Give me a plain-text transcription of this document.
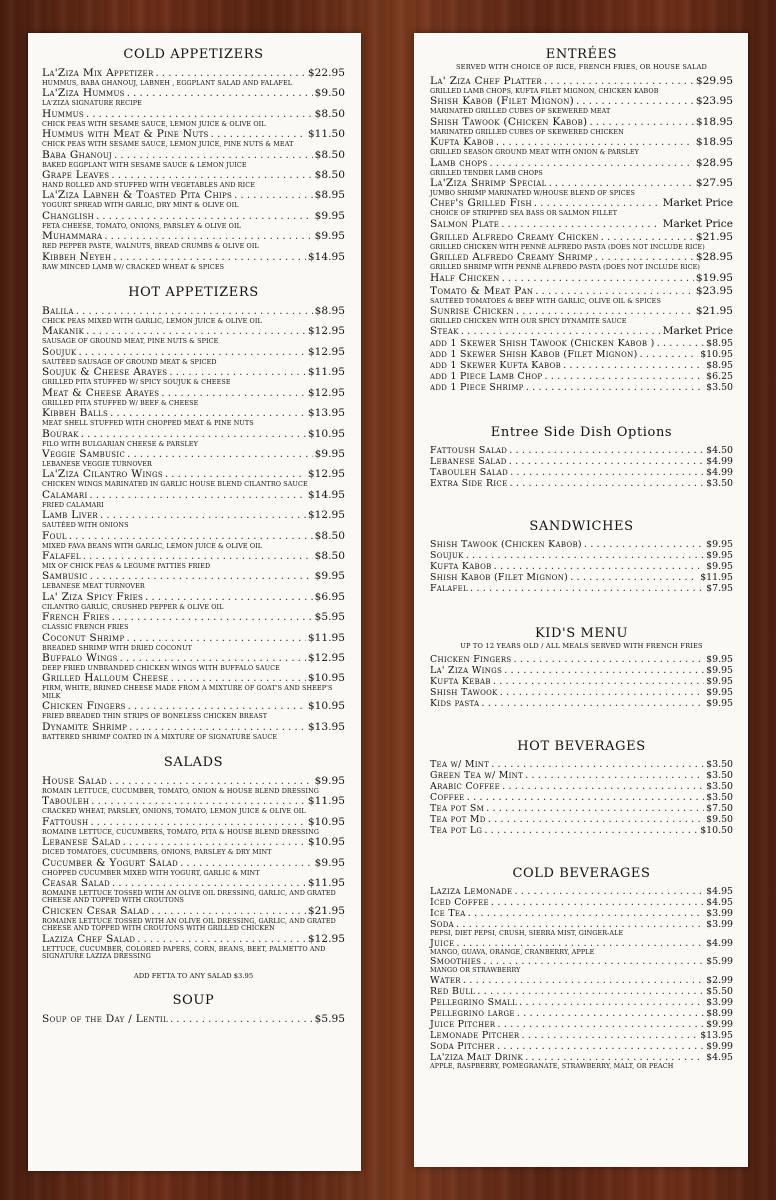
COLD APPETIZERS
La'Ziza Mix Appetizer . . .	$22.95
HUMMUS, BABA GHANOUJ, LABNEH , EGGPLANT SALAD AND FALAFEL
La'Ziza Hummus . . .	$9.50
LA'ZIZA SIGNATURE RECIPE
Hummus . . .	$8.50
CHICK PEAS WITH SESAME SAUCE, LEMON JUICE & OLIVE OIL
Hummus with Meat & Pine Nuts . . .	$11.50
CHICK PEAS WITH SESAME SAUCE, LEMON JUICE, PINE NUTS & MEAT
Baba Ghanouj . . .	$8.50
BAKED EGGPLANT WITH SESAME SAUCE & LEMON JUICE
Grape Leaves . . .	$8.50
HAND ROLLED AND STUFFED WITH VEGETABLES AND RICE
La'Ziza Labneh & Toasted Pita Chips . . .	$8.95
YOGURT SPREAD WITH GARLIC, DRY MINT & OLIVE OIL
Changlish . . .	$9.95
FETA CHEESE, TOMATO, ONIONS, PARSLEY & OLIVE OIL
Muhammara . . .	$9.95
RED PEPPER PASTE, WALNUTS, BREAD CRUMBS & OLIVE OIL
Kibbeh Neyeh . . .	$14.95
RAW MINCED LAMB W/ CRACKED WHEAT & SPICES
HOT APPETIZERS
Balila . . .	$8.95
CHICK PEAS MIXED WITH GARLIC, LEMON JUICE & OLIVE OIL
Makanik . . .	$12.95
SAUSAGE OF GROUND MEAT, PINE NUTS & SPICE
Soujuk . . .	$12.95
SAUTÉED SAUSAGE OF GROUND MEAT & SPICED
Soujuk & Cheese Arayes . . .	$11.95
GRILLED PITA STUFFED W/ SPICY SOUJUK & CHEESE
Meat & Cheese Arayes . . .	$12.95
GRILLED PITA STUFFED W/ BEEF & CHEESE
Kibbeh Balls . . .	$13.95
MEAT SHELL STUFFED WITH CHOPPED MEAT & PINE NUTS
Bourak . . .	$10.95
FILO WITH BULGARIAN CHEESE & PARSLEY
Veggie Sambusic . . .	$9.95
LEBANESE VEGGIE TURNOVER
La'Ziza Cilantro Wings . . .	$12.95
CHICKEN WINGS MARINATED IN GARLIC HOUSE BLEND CILANTRO SAUCE
Calamari . . .	$14.95
FRIED CALAMARI
Lamb Liver . . .	$12.95
SAUTÉED WITH ONIONS
Foul . . .	$8.50
MIXED FAVA BEANS WITH GARLIC, LEMON JUICE & OLIVE OIL
Falafel . . .	$8.50
MIX OF CHICK PEAS & LEGUME PATTIES FRIED
Sambusic . . .	$9.95
LEBANESE MEAT TURNOVER
La' Ziza Spicy Fries . . .	$6.95
CILANTRO GARLIC, CRUSHED PEPPER & OLIVE OIL
French Fries . . .	$5.95
CLASSIC FRENCH FRIES
Coconut Shrimp . . .	$11.95
BREADED SHRIMP WITH DRIED COCONUT
Buffalo Wings . . .	$12.95
DEEP FRIED UNBRANDED CHICKEN WINGS WITH BUFFALO SAUCE
Grilled Halloum Cheese . . .	$10.95
FIRM, WHITE, BRINED CHEESE MADE FROM A MIXTURE OF GOAT'S AND SHEEP'S MILK
Chicken Fingers . . .	$10.95
FRIED BREADED THIN STRIPS OF BONELESS CHICKEN BREAST
Dynamite Shrimp . . .	$13.95
BATTERED SHRIMP COATED IN A MIXTURE OF SIGNATURE SAUCE
SALADS
House Salad . . .	$9.95
ROMAIN LETTUCE, CUCUMBER, TOMATO, ONION & HOUSE BLEND DRESSING
Tabouleh . . .	$11.95
CRACKED WHEAT, PARSLEY, ONIONS, TOMATO, LEMON JUICE & OLIVE OIL
Fattoush . . .	$10.95
ROMAINE LETTUCE, CUCUMBERS, TOMATO, PITA & HOUSE BLEND DRESSING
Lebanese Salad . . .	$10.95
DICED TOMATOES, CUCUMBERS, ONIONS, PARSLEY & DRY MINT
Cucumber & Yogurt Salad . . .	$9.95
CHOPPED CUCUMBER MIXED WITH YOGURT, GARLIC & MINT
Ceasar Salad . . .	$11.95
ROMAINE LETTUCE TOSSED WITH AN OLIVE OIL DRESSING, GARLIC, AND GRATED CHEESE AND TOPPED WITH CROUTONS
Chicken Cesar Salad . . .	$21.95
ROMAINE LETTUCE TOSSED WITH AN OLIVE OIL DRESSING, GARLIC, AND GRATED CHEESE AND TOPPED WITH CROUTONS WITH GRILLED CHICKEN
Laziza Chef Salad . . .	$12.95
LETTUCE, CUCUMBER, COLORED PAPERS, CORN, BEANS, BEET, PALMETTO AND SIGNATURE LAZIZA DRESSING
ADD FETTA TO ANY SALAD $3.95
SOUP
Soup of the Day / Lentil . . .	$5.95
ENTRÉES
SERVED WITH CHOICE OF RICE, FRENCH FRIES, OR HOUSE SALAD
La' Ziza Chef Platter . . .	$29.95
GRILLED LAMB CHOPS, KUFTA FILET MIGNON, CHICKEN KABOB
Shish Kabob (Filet Mignon) . . .	$23.95
MARINATED GRILLED CUBES OF SKEWERED MEAT
Shish Tawook (Chicken Kabob) . . .	$18.95
MARINATED GRILLED CUBES OF SKEWERED CHICKEN
Kufta Kabob . . .	$18.95
GRILLED SEASON GROUND MEAT WITH ONION & PARSLEY
Lamb chops . . .	$28.95
GRILLED TENDER LAMB CHOPS
La'Ziza Shrimp Special . . .	$27.95
JUMBO SHRIMP MARINATED W/HOUSE BLEND OF SPICES
Chef's Grilled Fish . . .	Market Price
CHOICE OF STRIPPED SEA BASS OR SALMON FILLET
Salmon Plate . . .	Market Price
Grilled Alfredo Creamy Chicken . . .	$21.95
GRILLED CHICKEN WITH PENNÉ ALFREDO PASTA (DOES NOT INCLUDE RICE)
Grilled Alfredo Creamy Shrimp . . .	$28.95
GRILLED SHRIMP WITH PENNÉ ALFREDO PASTA (DOES NOT INCLUDE RICE)
Half Chicken . . .	$19.95
Tomato & Meat Pan . . .	$23.95
SAUTÉED TOMATOES & BEEF WITH GARLIC, OLIVE OIL & SPICES
Sunrise Chicken . . .	$21.95
GRILLED CHICKEN WITH OUR SPICY DYNAMITE SAUCE
Steak . . .	Market Price
add 1 Skewer Shish Tawook (Chicken Kabob ) . . .	$8.95
add 1 Skewer Shish Kabob (Filet Mignon) . . .	$10.95
add 1 Skewer Kufta Kabob . . .	$8.95
add 1 Piece Lamb Chop . . .	$6.25
add 1 Piece Shrimp . . .	$3.50
Entree Side Dish Options
Fattoush Salad . . .	$4.50
Lebanese Salad . . .	$4.99
Tabouleh Salad . . .	$4.99
Extra Side Rice . . .	$3.50
SANDWICHES
Shish Tawook (Chicken Kabob) . . .	$9.95
Soujuk . . .	$9.95
Kufta Kabob . . .	$9.95
Shish Kabob (Filet Mignon) . . .	$11.95
Falafel . . .	$7.95
KID'S MENU
UP TO 12 YEARS OLD / ALL MEALS SERVED WITH FRENCH FRIES
Chicken Fingers . . .	$9.95
La' Ziza Wings . . .	$9.95
Kufta Kebab . . .	$9.95
Shish Tawook . . .	$9.95
Kids pasta . . .	$9.95
HOT BEVERAGES
Tea w/ Mint . . .	$3.50
Green Tea w/ Mint . . .	$3.50
Arabic Coffee . . .	$3.50
Coffee . . .	$3.50
Tea pot Sm . . .	$7.50
Tea pot Md . . .	$9.50
Tea pot Lg . . .	$10.50
COLD BEVERAGES
Laziza Lemonade . . .	$4.95
Iced Coffee . . .	$4.95
Ice Tea . . .	$3.99
Soda . . .	$3.99
PEPSI, DIET PEPSI, CRUSH, SIERRA MIST, GINGER-ALE
Juice . . .	$4.99
MANGO, GUAVA, ORANGE, CRANBERRY, APPLE
Smoothies . . .	$5.99
MANGO OR STRAWBERRY
Water . . .	$2.99
Red Bull . . .	$5.50
Pellegrino Small . . .	$3.99
Pellegrino large . . .	$8.99
Juice Pitcher . . .	$9.99
Lemonade Pitcher . . .	$13.95
Soda Pitcher . . .	$9.99
La'ziza Malt Drink . . .	$4.95
APPLE, RASPBERRY, POMEGRANATE, STRAWBERRY, MALT, OR PEACH
